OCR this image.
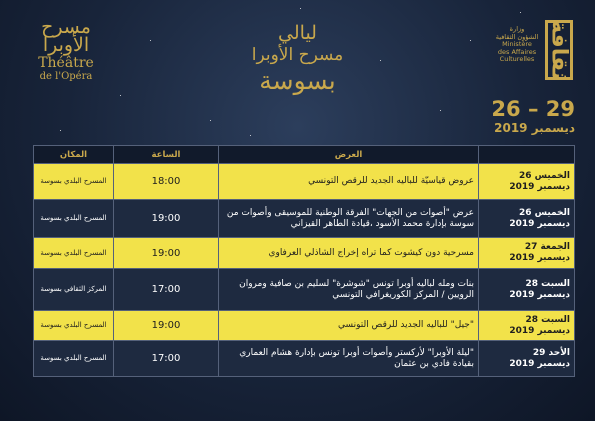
مسرح الأوبرا
Théâtre
de l'Opéra	ثقافة
وزارة
الشؤون الثقافية
Ministère
des Affaires
Culturelles
ليالي
مسرح الأوبرا
بسوسة
26 – 29
ديسمبر 2019
	العرض	الساعة	المكان

الخميس 26
ديسمبر 2019	عروض قياسيّة للباليه الجديد للرقص التونسي	18:00	المسرح البلدي بسوسة

الخميس 26
ديسمبر 2019	عرض "أصوات من الجهات" الفرقة الوطنية للموسيقى وأصوات من سوسة بإدارة محمد الأسود ،قيادة الطاهر القيزاني	19:00	المسرح البلدي بسوسة

الجمعة 27
ديسمبر 2019	مسرحية دون كيشوت كما تراه إخراج الشاذلي العرفاوي	19:00	المسرح البلدي بسوسة

السبت 28
ديسمبر 2019	بنات ومله لباليه أوبرا تونس "شوشرة" لسليم بن صافية ومروان الرويين / المركز الكوريغرافي التونسي	17:00	المركز الثقافي بسوسة

السبت 28
ديسمبر 2019	"جيل" للباليه الجديد للرقص التونسي	19:00	المسرح البلدي بسوسة

الأحد 29
ديسمبر 2019	"ليلة الأوبرا" لأركستر وأصوات أوبرا تونس بإدارة هشام العماري بقيادة فادي بن عثمان	17:00	المسرح البلدي بسوسة
